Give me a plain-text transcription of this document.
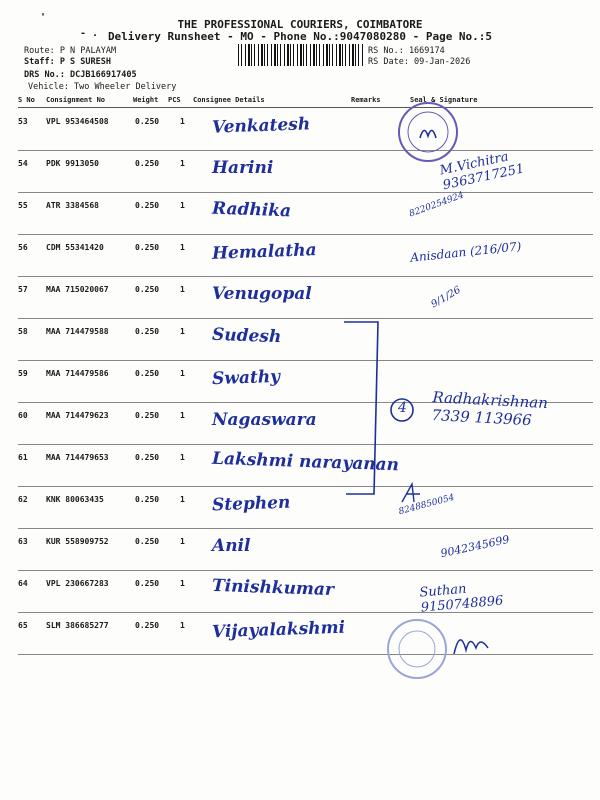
'
- .
THE PROFESSIONAL COURIERS, COIMBATORE
Delivery Runsheet - MO - Phone No.:9047080280 - Page No.:5
Route: P N PALAYAM
Staff: P S SURESH
DRS No.: DCJB166917405
Vehicle: Two Wheeler Delivery
RS No.: 1669174
RS Date: 09-Jan-2026
S No Consignment No	Weight PCS Consignee Details	Remarks	Seal & Signature
53 VPL 953464508	0.250	1 Venkatesh
54 PDK 9913050	0.250	1 Harini
55 ATR 3384568	0.250	1 Radhika
56 CDM 55341420	0.250	1 Hemalatha
57 MAA 715020067	0.250	1 Venugopal
58 MAA 714479588	0.250	1 Sudesh
59 MAA 714479586	0.250	1 Swathy
60 MAA 714479623	0.250	1 Nagaswara
61 MAA 714479653	0.250	1 Lakshmi narayanan
62 KNK 80063435	0.250	1 Stephen
63 KUR 558909752	0.250	1 Anil
64 VPL 230667283	0.250	1 Tinishkumar
65 SLM 386685277	0.250	1 Vijayalakshmi
4
M.Vichitra 9363717251
8220254924
Anisdaan (216/07)
9/1/26
Radhakrishnan 7339 113966
8248850054
9042345699
Suthan 9150748896
